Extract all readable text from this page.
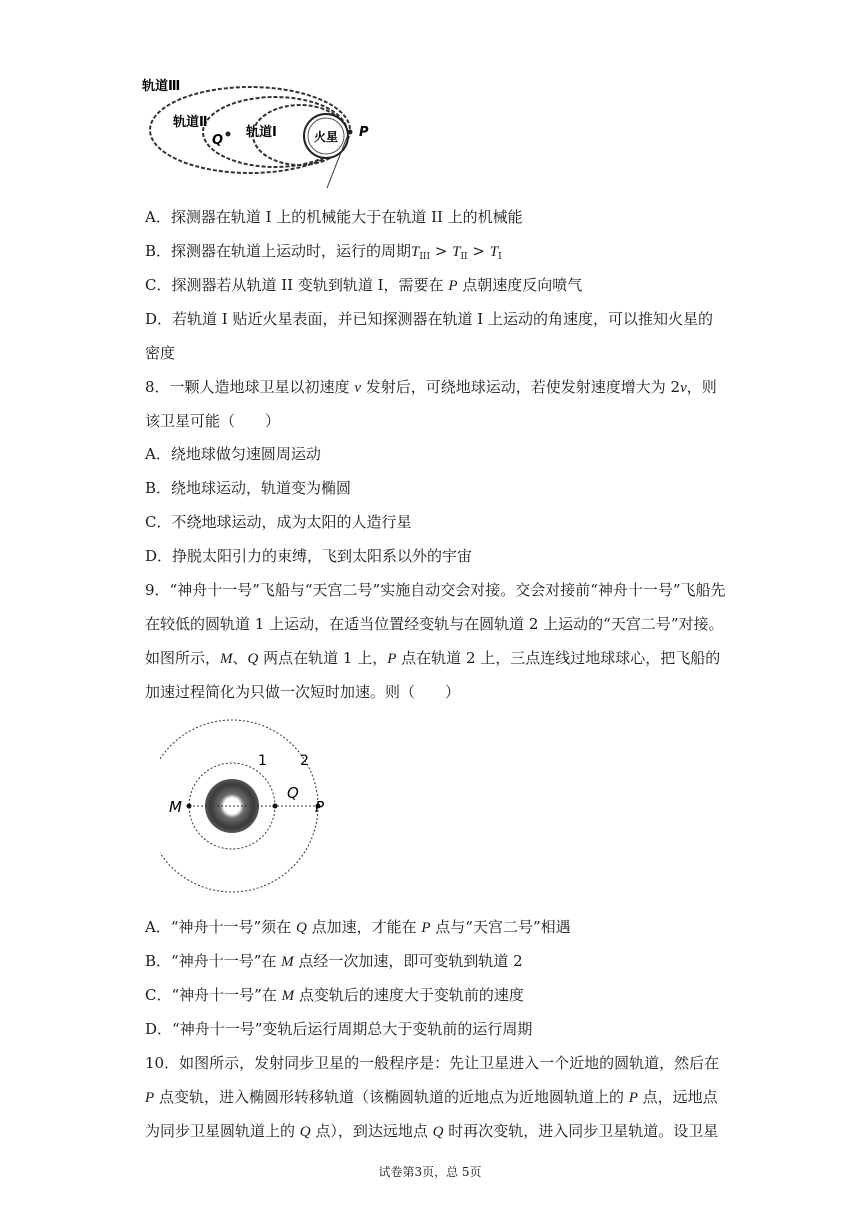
轨道Ⅲ
轨道Ⅱ
轨道Ⅰ	火星
Q
P
A．探测器在轨道 I 上的机械能大于在轨道 II 上的机械能
B．探测器在轨道上运动时，运行的周期$T_{III} > T_{II} > T_I$
C．探测器若从轨道 II 变轨到轨道 I，需要在 P 点朝速度反向喷气
D．若轨道 I 贴近火星表面，并已知探测器在轨道 I 上运动的角速度，可以推知火星的
密度
8．一颗人造地球卫星以初速度 v 发射后，可绕地球运动，若使发射速度增大为 2v，则
该卫星可能（　　）
A．绕地球做匀速圆周运动
B．绕地球运动，轨道变为椭圆
C．不绕地球运动，成为太阳的人造行星
D．挣脱太阳引力的束缚，飞到太阳系以外的宇宙
9．“神舟十一号”飞船与“天宫二号”实施自动交会对接。交会对接前“神舟十一号”飞船先
在较低的圆轨道 1 上运动，在适当位置经变轨与在圆轨道 2 上运动的“天宫二号”对接。
如图所示，M、Q 两点在轨道 1 上，P 点在轨道 2 上，三点连线过地球球心，把飞船的
加速过程简化为只做一次短时加速。则（　　）
1 2
M
Q
P
A．“神舟十一号”须在 Q 点加速，才能在 P 点与“天宫二号”相遇
B．“神舟十一号”在 M 点经一次加速，即可变轨到轨道 2
C．“神舟十一号”在 M 点变轨后的速度大于变轨前的速度
D．“神舟十一号”变轨后运行周期总大于变轨前的运行周期
10．如图所示，发射同步卫星的一般程序是：先让卫星进入一个近地的圆轨道，然后在
P 点变轨，进入椭圆形转移轨道（该椭圆轨道的近地点为近地圆轨道上的 P 点，远地点
为同步卫星圆轨道上的 Q 点），到达远地点 Q 时再次变轨，进入同步卫星轨道。设卫星
试卷第3页，总 5页
